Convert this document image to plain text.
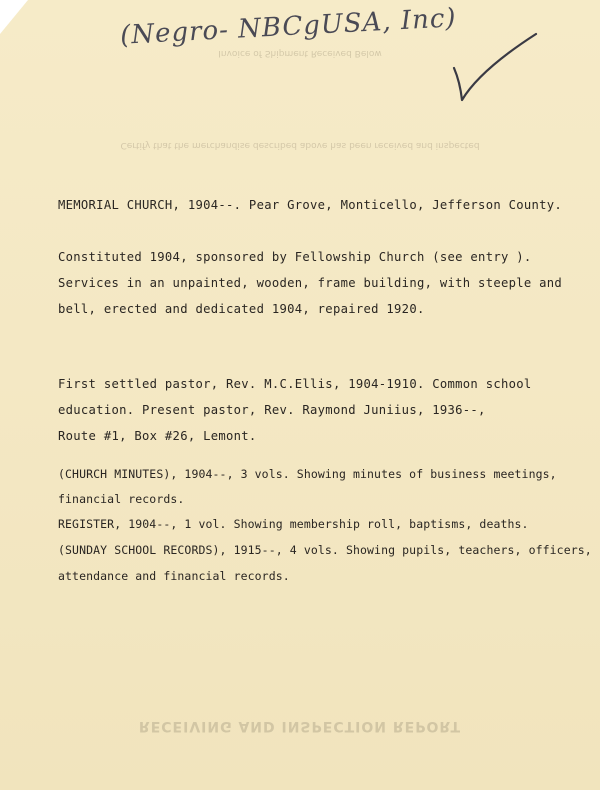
Invoice of Shipment Received Below
Certify that the merchandise described above has been received and inspected
RECEIVING AND INSPECTION REPORT
(Negro- NBCgUSA, Inc)
MEMORIAL CHURCH, 1904--. Pear Grove, Monticello, Jefferson County.
Constituted 1904, sponsored by Fellowship Church (see entry ).
Services in an unpainted, wooden, frame building, with steeple and
bell, erected and dedicated 1904, repaired 1920.
First settled pastor, Rev. M.C.Ellis, 1904-1910. Common school
education. Present pastor, Rev. Raymond Juniius, 1936--,
Route #1, Box #26, Lemont.
(CHURCH MINUTES), 1904--, 3 vols. Showing minutes of business meetings,
financial records.
REGISTER, 1904--, 1 vol. Showing membership roll, baptisms, deaths.
(SUNDAY SCHOOL RECORDS), 1915--, 4 vols. Showing pupils, teachers, officers,
attendance and financial records.
